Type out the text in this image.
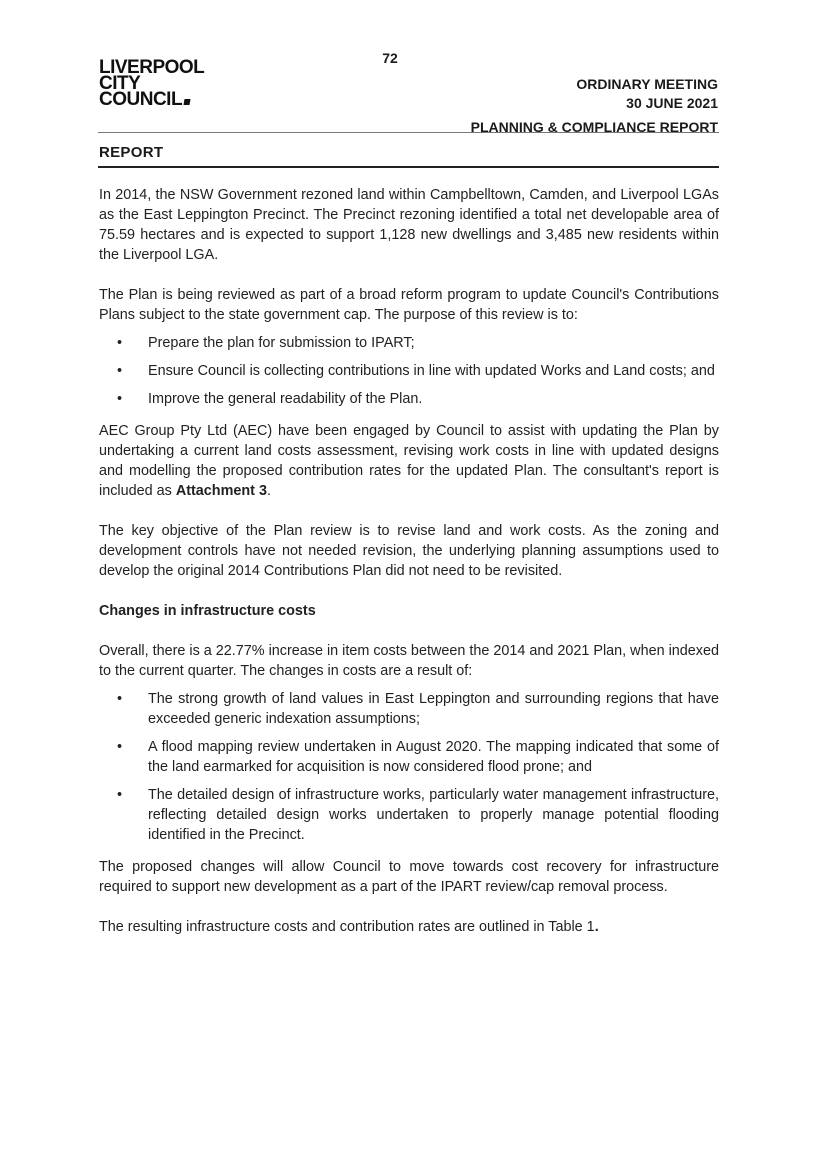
72
LIVERPOOL
CITY
COUNCIL
ORDINARY MEETING
30 JUNE 2021
PLANNING & COMPLIANCE REPORT
REPORT

In 2014, the NSW Government rezoned land within Campbelltown, Camden, and Liverpool LGAs as the East Leppington Precinct. The Precinct rezoning identified a total net developable area of 75.59 hectares and is expected to support 1,128 new dwellings and 3,485 new residents within the Liverpool LGA.

The Plan is being reviewed as part of a broad reform program to update Council's Contributions Plans subject to the state government cap. The purpose of this review is to:

• Prepare the plan for submission to IPART;
• Ensure Council is collecting contributions in line with updated Works and Land costs; and
• Improve the general readability of the Plan.

AEC Group Pty Ltd (AEC) have been engaged by Council to assist with updating the Plan by undertaking a current land costs assessment, revising work costs in line with updated designs and modelling the proposed contribution rates for the updated Plan. The consultant's report is included as Attachment 3.

The key objective of the Plan review is to revise land and work costs. As the zoning and development controls have not needed revision, the underlying planning assumptions used to develop the original 2014 Contributions Plan did not need to be revisited.

Changes in infrastructure costs

Overall, there is a 22.77% increase in item costs between the 2014 and 2021 Plan, when indexed to the current quarter. The changes in costs are a result of:

• The strong growth of land values in East Leppington and surrounding regions that have exceeded generic indexation assumptions;
• A flood mapping review undertaken in August 2020. The mapping indicated that some of the land earmarked for acquisition is now considered flood prone; and
• The detailed design of infrastructure works, particularly water management infrastructure, reflecting detailed design works undertaken to properly manage potential flooding identified in the Precinct.

The proposed changes will allow Council to move towards cost recovery for infrastructure required to support new development as a part of the IPART review/cap removal process.

The resulting infrastructure costs and contribution rates are outlined in Table 1.
